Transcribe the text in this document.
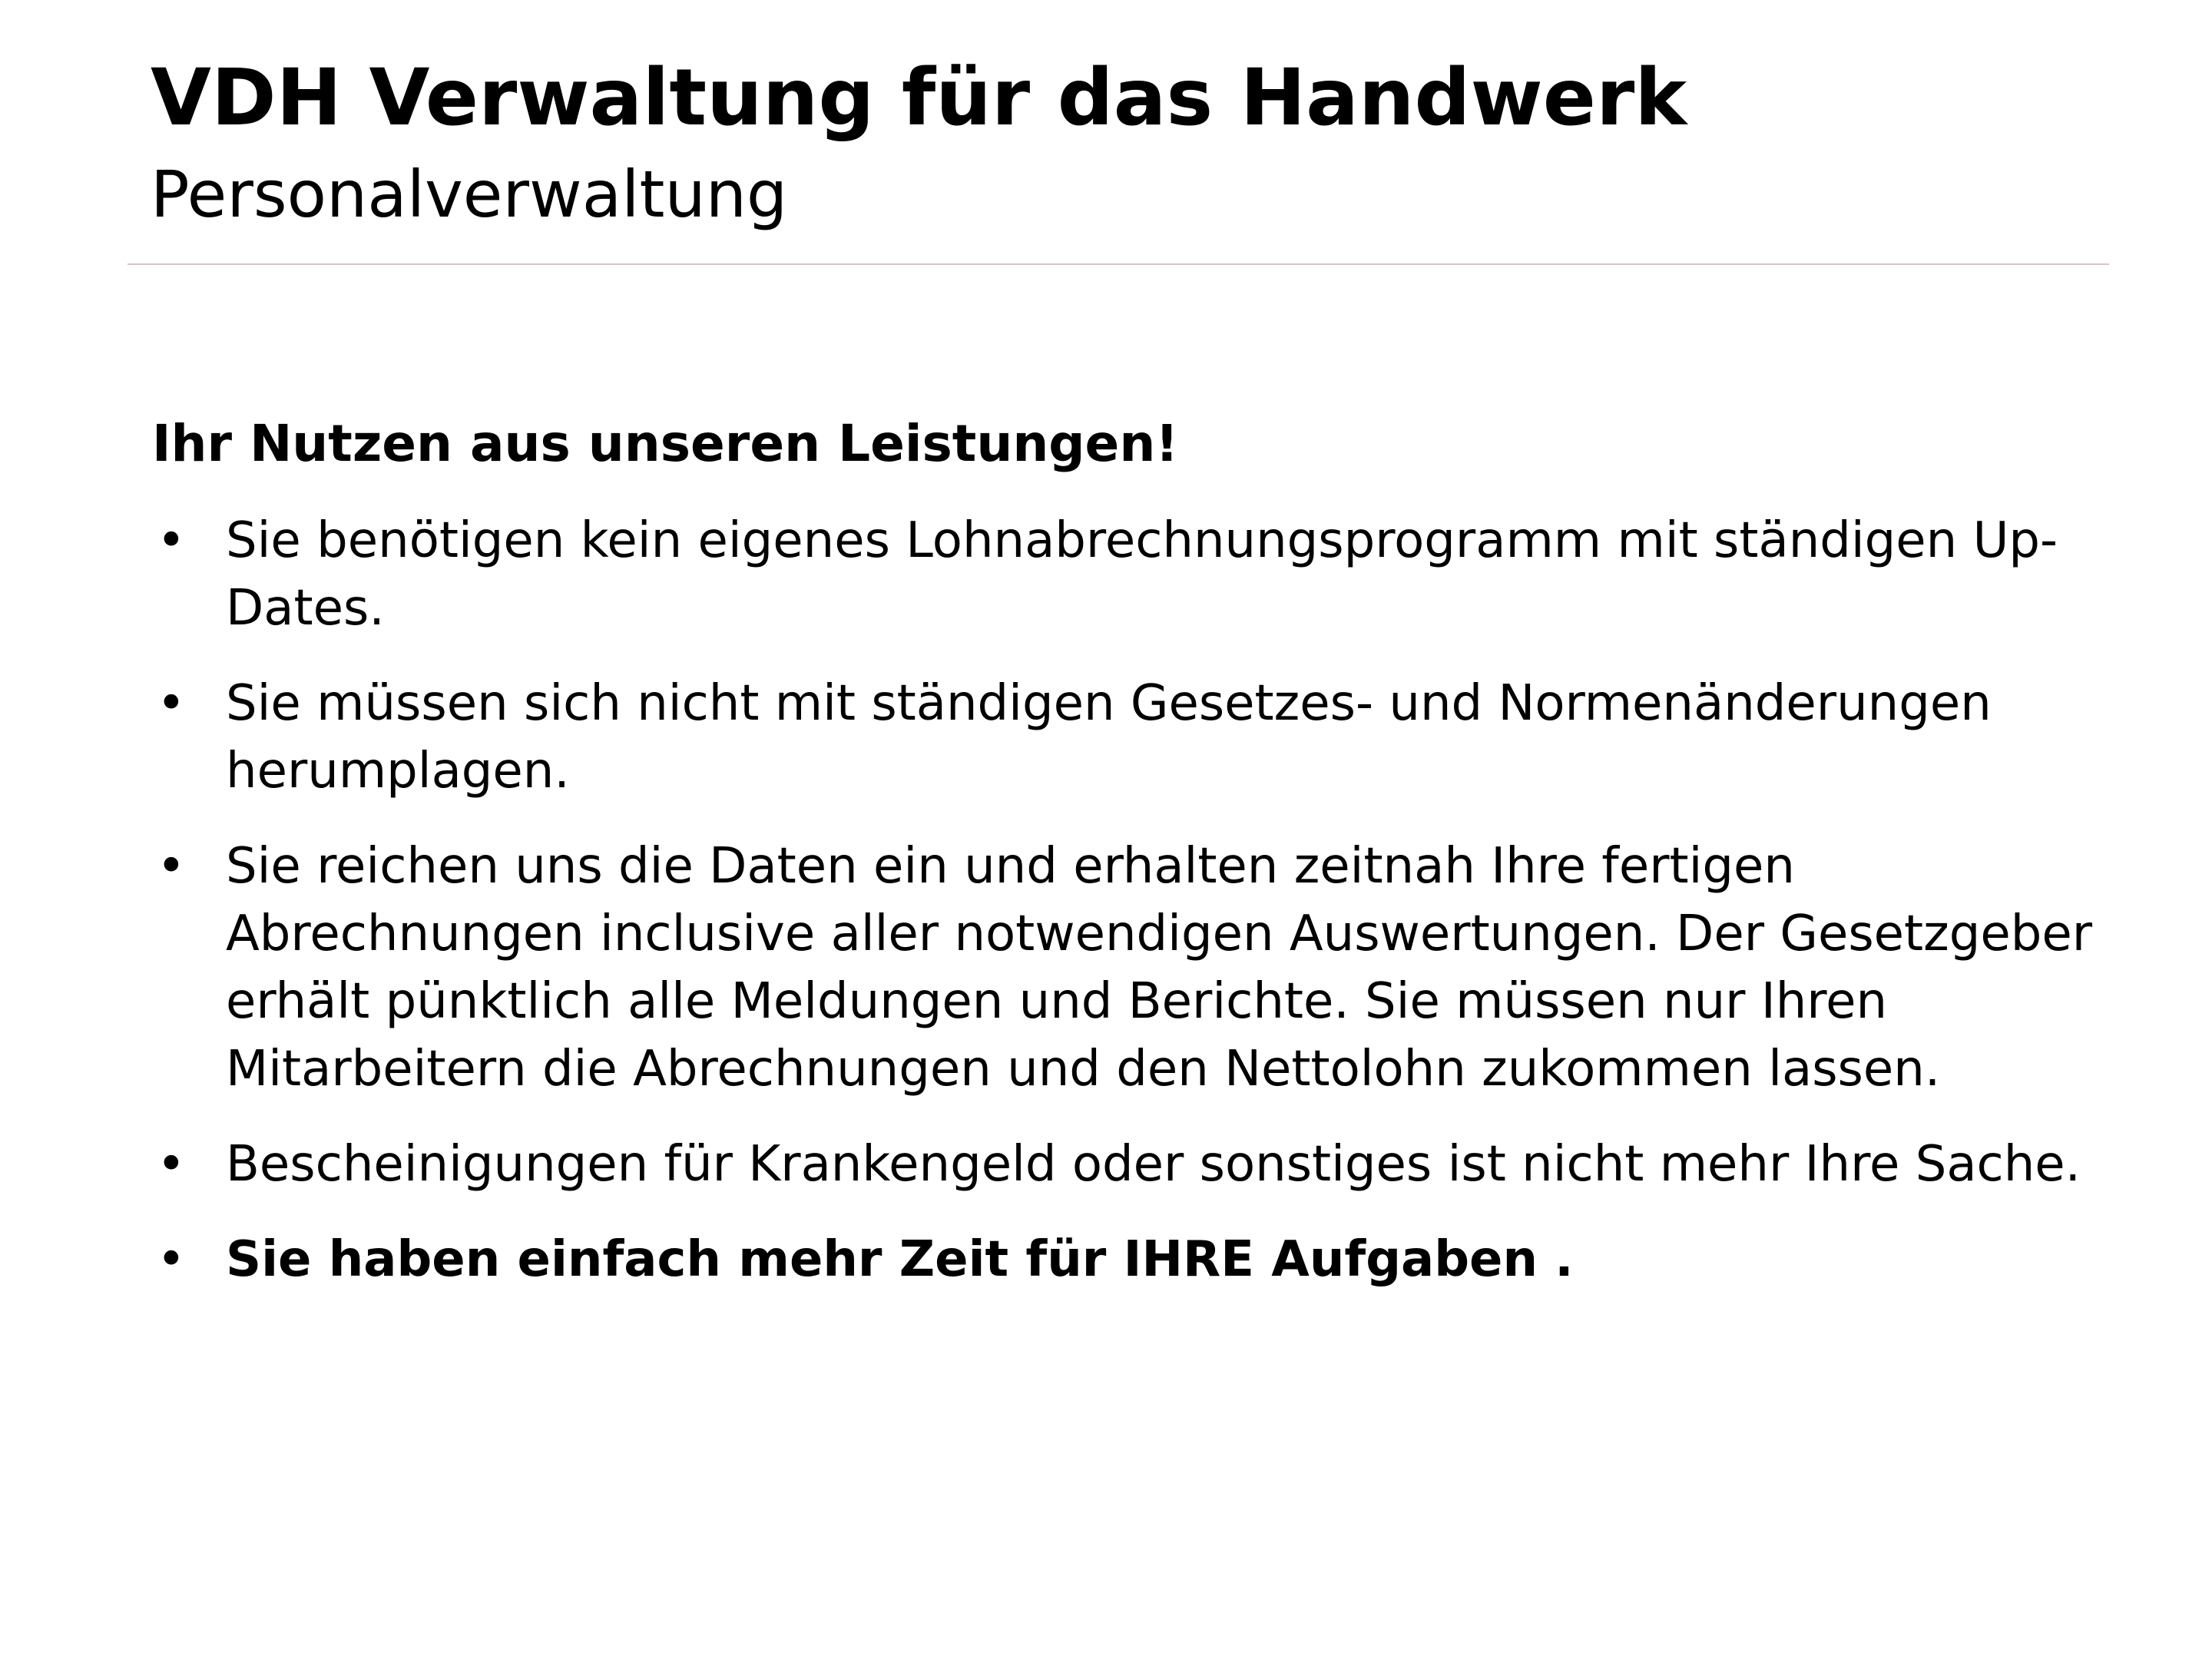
VDH Verwaltung für das Handwerk
Personalverwaltung
Ihr Nutzen aus unseren Leistungen!
• Sie benötigen kein eigenes Lohnabrechnungsprogramm mit ständigen Up-Dates.
• Sie müssen sich nicht mit ständigen Gesetzes- und Normenänderungen herumplagen.
• Sie reichen uns die Daten ein und erhalten zeitnah Ihre fertigen Abrechnungen inclusive aller notwendigen Auswertungen. Der Gesetzgeber erhält pünktlich alle Meldungen und Berichte. Sie müssen nur Ihren Mitarbeitern die Abrechnungen und den Nettolohn zukommen lassen.
• Bescheinigungen für Krankengeld oder sonstiges ist nicht mehr Ihre Sache.
• Sie haben einfach mehr Zeit für IHRE Aufgaben .
